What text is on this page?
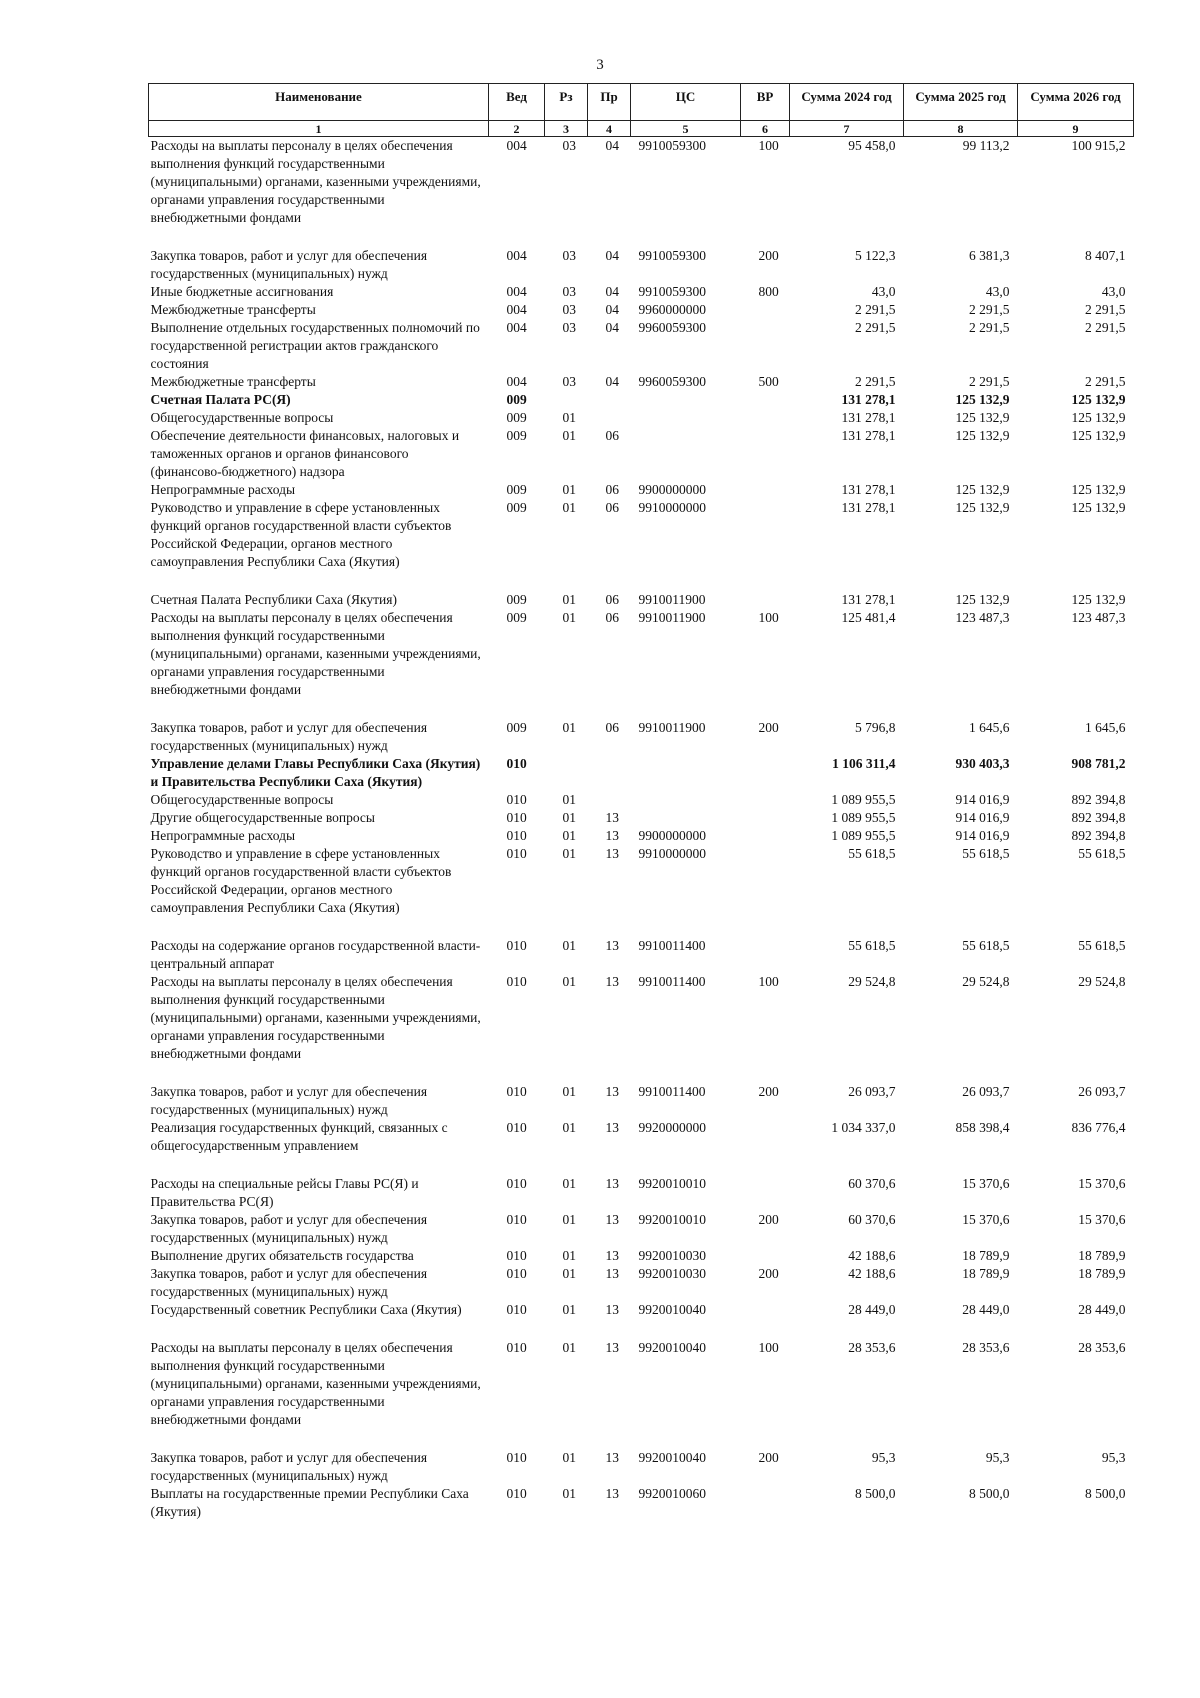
3
Наименование	Вед	Рз	Пр	ЦС	ВР	Сумма 2024 год	Сумма 2025 год	Сумма 2026 год
1	2	3	4	5	6	7	8	9
Расходы на выплаты персоналу в целях обеспечения выполнения функций государственными (муниципальными) органами, казенными учреждениями, органами управления государственными внебюджетными фондами	004	03	04	9910059300	100	95 458,0	99 113,2	100 915,2
Закупка товаров, работ и услуг для обеспечения государственных (муниципальных) нужд	004	03	04	9910059300	200	5 122,3	6 381,3	8 407,1
Иные бюджетные ассигнования	004	03	04	9910059300	800	43,0	43,0	43,0
Межбюджетные трансферты	004	03	04	9960000000		2 291,5	2 291,5	2 291,5
Выполнение отдельных государственных полномочий по государственной регистрации актов гражданского состояния	004	03	04	9960059300		2 291,5	2 291,5	2 291,5
Межбюджетные трансферты	004	03	04	9960059300	500	2 291,5	2 291,5	2 291,5
Счетная Палата РС(Я)	009					131 278,1	125 132,9	125 132,9
Общегосударственные вопросы	009	01				131 278,1	125 132,9	125 132,9
Обеспечение деятельности финансовых, налоговых и таможенных органов и органов финансового (финансово-бюджетного) надзора	009	01	06			131 278,1	125 132,9	125 132,9
Непрограммные расходы	009	01	06	9900000000		131 278,1	125 132,9	125 132,9
Руководство и управление в сфере установленных функций органов государственной власти субъектов Российской Федерации, органов местного самоуправления Республики Саха (Якутия)	009	01	06	9910000000		131 278,1	125 132,9	125 132,9
Счетная Палата Республики Саха (Якутия)	009	01	06	9910011900		131 278,1	125 132,9	125 132,9
Расходы на выплаты персоналу в целях обеспечения выполнения функций государственными (муниципальными) органами, казенными учреждениями, органами управления государственными внебюджетными фондами	009	01	06	9910011900	100	125 481,4	123 487,3	123 487,3
Закупка товаров, работ и услуг для обеспечения государственных (муниципальных) нужд	009	01	06	9910011900	200	5 796,8	1 645,6	1 645,6
Управление делами Главы Республики Саха (Якутия) и Правительства Республики Саха (Якутия)	010					1 106 311,4	930 403,3	908 781,2
Общегосударственные вопросы	010	01				1 089 955,5	914 016,9	892 394,8
Другие общегосударственные вопросы	010	01	13			1 089 955,5	914 016,9	892 394,8
Непрограммные расходы	010	01	13	9900000000		1 089 955,5	914 016,9	892 394,8
Руководство и управление в сфере установленных функций органов государственной власти субъектов Российской Федерации, органов местного самоуправления Республики Саха (Якутия)	010	01	13	9910000000		55 618,5	55 618,5	55 618,5
Расходы на содержание органов государственной власти- центральный аппарат	010	01	13	9910011400		55 618,5	55 618,5	55 618,5
Расходы на выплаты персоналу в целях обеспечения выполнения функций государственными (муниципальными) органами, казенными учреждениями, органами управления государственными внебюджетными фондами	010	01	13	9910011400	100	29 524,8	29 524,8	29 524,8
Закупка товаров, работ и услуг для обеспечения государственных (муниципальных) нужд	010	01	13	9910011400	200	26 093,7	26 093,7	26 093,7
Реализация государственных функций, связанных с общегосударственным управлением	010	01	13	9920000000		1 034 337,0	858 398,4	836 776,4
Расходы на специальные рейсы Главы РС(Я) и Правительства РС(Я)	010	01	13	9920010010		60 370,6	15 370,6	15 370,6
Закупка товаров, работ и услуг для обеспечения государственных (муниципальных) нужд	010	01	13	9920010010	200	60 370,6	15 370,6	15 370,6
Выполнение других обязательств государства	010	01	13	9920010030		42 188,6	18 789,9	18 789,9
Закупка товаров, работ и услуг для обеспечения государственных (муниципальных) нужд	010	01	13	9920010030	200	42 188,6	18 789,9	18 789,9
Государственный советник Республики Саха (Якутия)	010	01	13	9920010040		28 449,0	28 449,0	28 449,0
Расходы на выплаты персоналу в целях обеспечения выполнения функций государственными (муниципальными) органами, казенными учреждениями, органами управления государственными внебюджетными фондами	010	01	13	9920010040	100	28 353,6	28 353,6	28 353,6
Закупка товаров, работ и услуг для обеспечения государственных (муниципальных) нужд	010	01	13	9920010040	200	95,3	95,3	95,3
Выплаты на государственные премии Республики Саха (Якутия)	010	01	13	9920010060		8 500,0	8 500,0	8 500,0
